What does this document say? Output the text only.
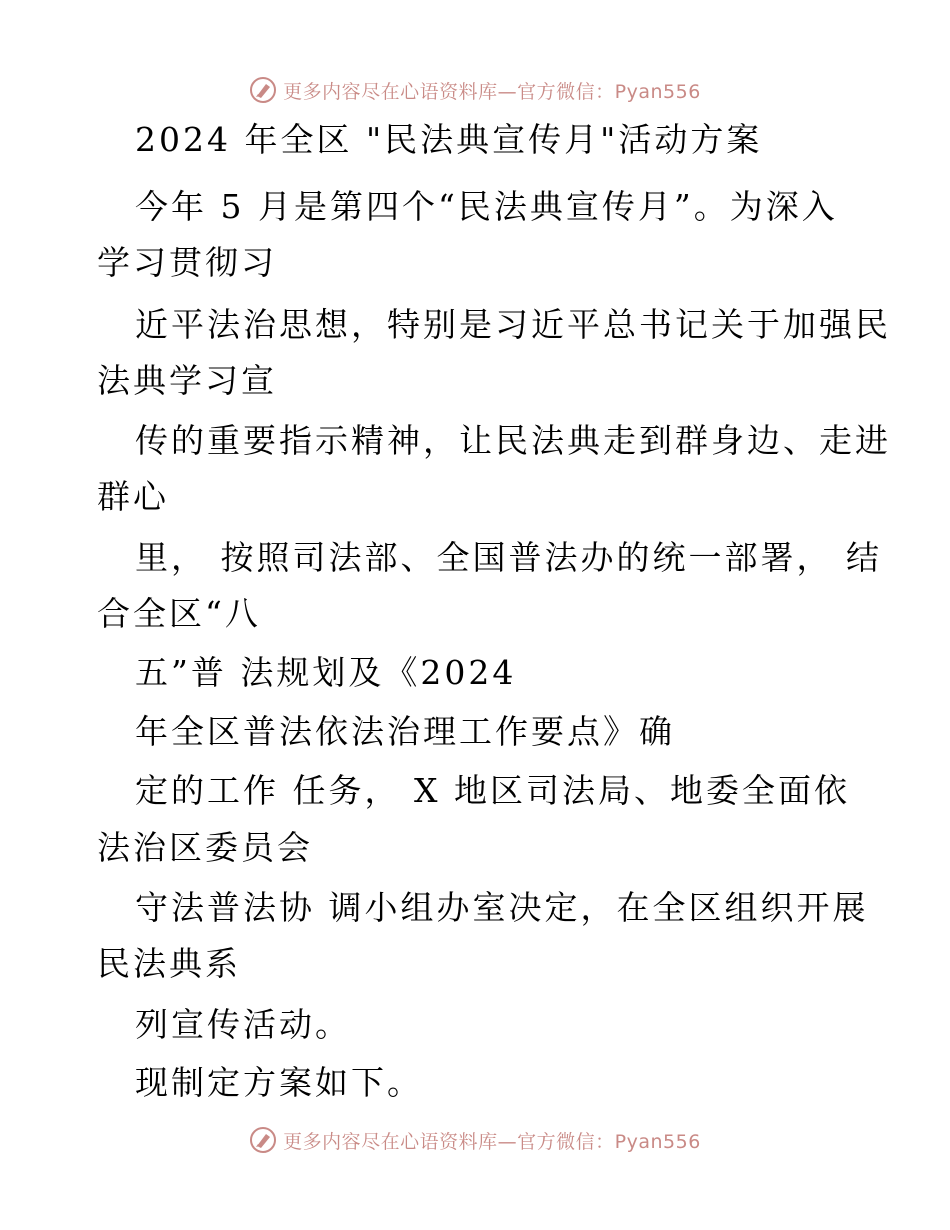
更多内容尽在心语资料库—官方微信：Pyan556
2024 年全区 "民法典宣传月"活动方案
今年 5 月是第四个“民法典宣传月”。为深入
学习贯彻习
近平法治思想，特别是习近平总书记关于加强民
法典学习宣
传的重要指示精神，让民法典走到群身边、走进
群心
里， 按照司法部、全国普法办的统一部署， 结
合全区“八
五”普 法规划及《2024
年全区普法依法治理工作要点》确
定的工作 任务， X 地区司法局、地委全面依
法治区委员会
守法普法协 调小组办室决定，在全区组织开展
民法典系
列宣传活动。
现制定方案如下。
更多内容尽在心语资料库—官方微信：Pyan556
